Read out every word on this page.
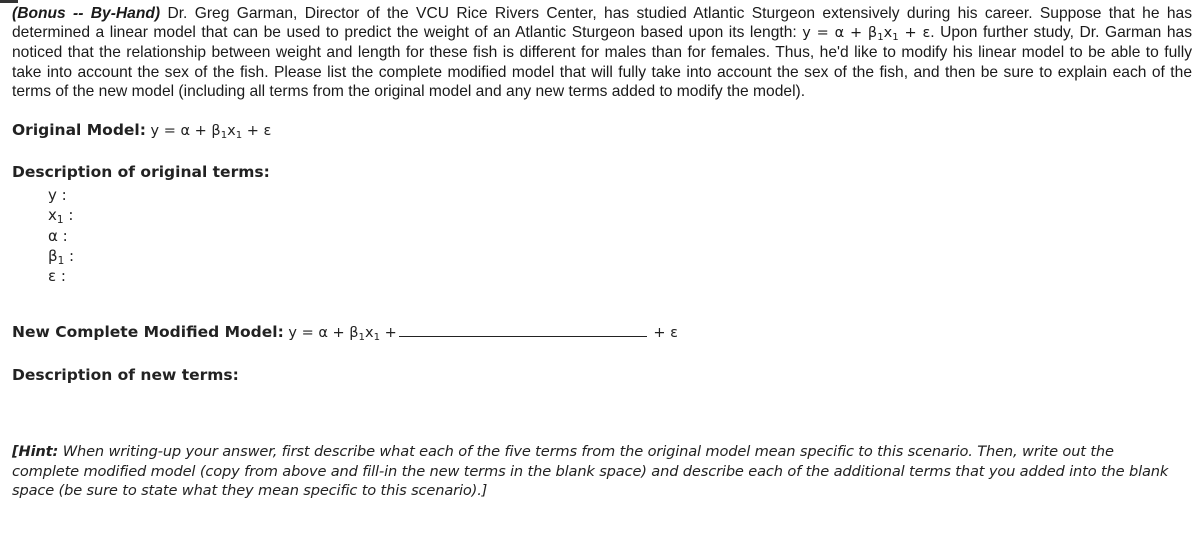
(Bonus -- By-Hand) Dr. Greg Garman, Director of the VCU Rice Rivers Center, has studied Atlantic Sturgeon extensively during his career. Suppose that he has determined a linear model that can be used to predict the weight of an Atlantic Sturgeon based upon its length: $y = \alpha + \beta_1x_1 + \varepsilon$. Upon further study, Dr. Garman has noticed that the relationship between weight and length for these fish is different for males than for females. Thus, he'd like to modify his linear model to be able to fully take into account the sex of the fish. Please list the complete modified model that will fully take into account the sex of the fish, and then be sure to explain each of the terms of the new model (including all terms from the original model and any new terms added to modify the model).

Original Model: $y = \alpha + \beta_1x_1 + \varepsilon$

Description of original terms:

y :
$x_1$ :
α :
$\beta_1$ :
ε :

New Complete Modified Model: $y = \alpha + \beta_1x_1$ +	+ ε

Description of new terms:

[Hint: When writing-up your answer, first describe what each of the five terms from the original model mean specific to this scenario. Then, write out the complete modified model (copy from above and fill-in the new terms in the blank space) and describe each of the additional terms that you added into the blank space (be sure to state what they mean specific to this scenario).]
